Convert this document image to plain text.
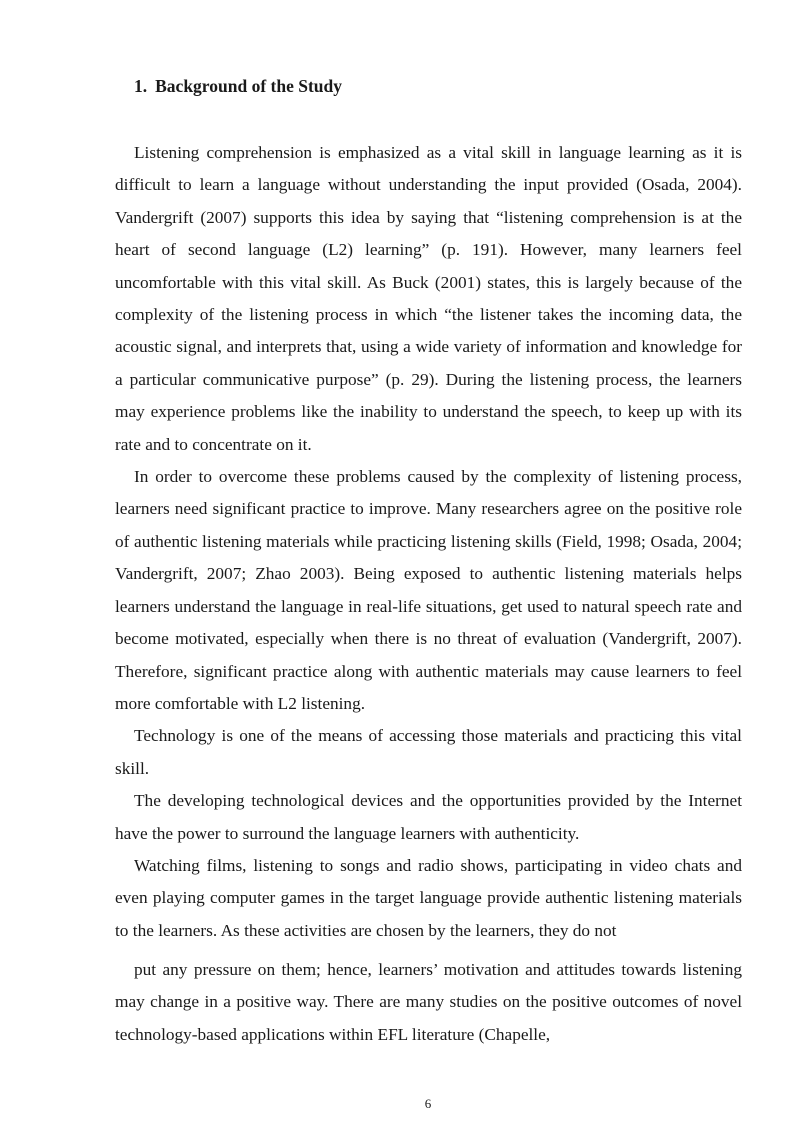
1. Background of the Study

Listening comprehension is emphasized as a vital skill in language learning as it is difficult to learn a language without understanding the input provided (Osada, 2004). Vandergrift (2007) supports this idea by saying that “listening comprehension is at the heart of second language (L2) learning” (p. 191). However, many learners feel uncomfortable with this vital skill. As Buck (2001) states, this is largely because of the complexity of the listening process in which “the listener takes the incoming data, the acoustic signal, and interprets that, using a wide variety of information and knowledge for a particular communicative purpose” (p. 29). During the listening process, the learners may experience problems like the inability to understand the speech, to keep up with its rate and to concentrate on it.

In order to overcome these problems caused by the complexity of listening process, learners need significant practice to improve. Many researchers agree on the positive role of authentic listening materials while practicing listening skills (Field, 1998; Osada, 2004; Vandergrift, 2007; Zhao 2003). Being exposed to authentic listening materials helps learners understand the language in real-life situations, get used to natural speech rate and become motivated, especially when there is no threat of evaluation (Vandergrift, 2007). Therefore, significant practice along with authentic materials may cause learners to feel more comfortable with L2 listening.

Technology is one of the means of accessing those materials and practicing this vital skill.

The developing technological devices and the opportunities provided by the Internet have the power to surround the language learners with authenticity.

Watching films, listening to songs and radio shows, participating in video chats and even playing computer games in the target language provide authentic listening materials to the learners. As these activities are chosen by the learners, they do not

put any pressure on them; hence, learners’ motivation and attitudes towards listening may change in a positive way. There are many studies on the positive outcomes of novel technology-based applications within EFL literature (Chapelle,

6
